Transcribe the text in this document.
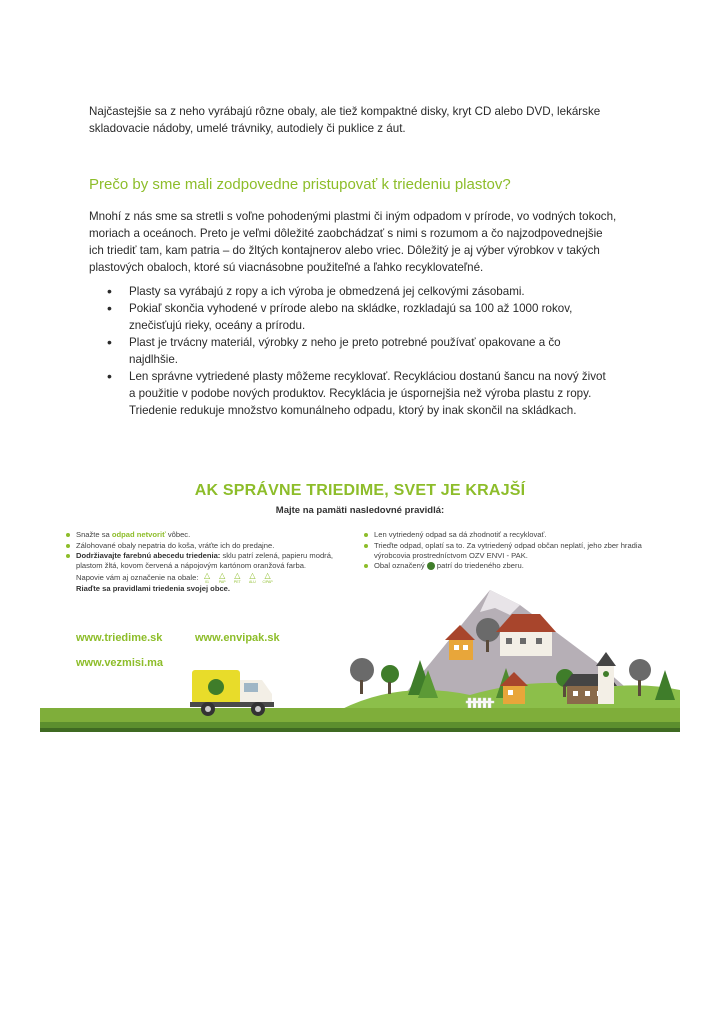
Najčastejšie sa z neho vyrábajú rôzne obaly, ale tiež kompaktné disky, kryt CD alebo DVD, lekárske skladovacie nádoby, umelé trávniky, autodiely či puklice z áut.

Prečo by sme mali zodpovedne pristupovať k triedeniu plastov?

Mnohí z nás sme sa stretli s voľne pohodenými plastmi či iným odpadom v prírode, vo vodných tokoch, moriach a oceánoch. Preto je veľmi dôležité zaobchádzať s nimi s rozumom a čo najzodpovednejšie ich triediť tam, kam patria – do žltých kontajnerov alebo vriec. Dôležitý je aj výber výrobkov v takých plastových obaloch, ktoré sú viacnásobne použiteľné a ľahko recyklovateľné.

• Plasty sa vyrábajú z ropy a ich výroba je obmedzená jej celkovými zásobami.
• Pokiaľ skončia vyhodené v prírode alebo na skládke, rozkladajú sa 100 až 1000 rokov, znečisťujú rieky, oceány a prírodu.
• Plast je trvácny materiál, výrobky z neho je preto potrebné používať opakovane a čo najdlhšie.
• Len správne vytriedené plasty môžeme recyklovať. Recykláciou dostanú šancu na nový život a použitie v podobe nových produktov. Recyklácia je úspornejšia než výroba plastu z ropy. Triedenie redukuje množstvo komunálneho odpadu, ktorý by inak skončil na skládkach.
AK SPRÁVNE TRIEDIME, SVET JE KRAJŠÍ

Majte na pamäti nasledovné pravidlá:

Snažte sa odpad netvoriť vôbec.
Zálohované obaly nepatria do koša, vráťte ich do predajne.
Dodržiavajte farebnú abecedu triedenia: sklu patrí zelená, papieru modrá, plastom žltá, kovom červená a nápojovým kartónom oranžová farba.
Napovie vám aj označenie na obale: △
01
△
PAP
△
PET
△
ALU
△
C/PAP
Riaďte sa pravidlami triedenia svojej obce.
Len vytriedený odpad sa dá zhodnotiť a recyklovať.
Trieďte odpad, oplatí sa to. Za vytriedený odpad občan neplatí, jeho zber hradia výrobcovia prostredníctvom OZV ENVI - PAK.
Obal označený  patrí do triedeného zberu.
www.triedime.sk	www.envipak.sk
www.vezmisi.ma
